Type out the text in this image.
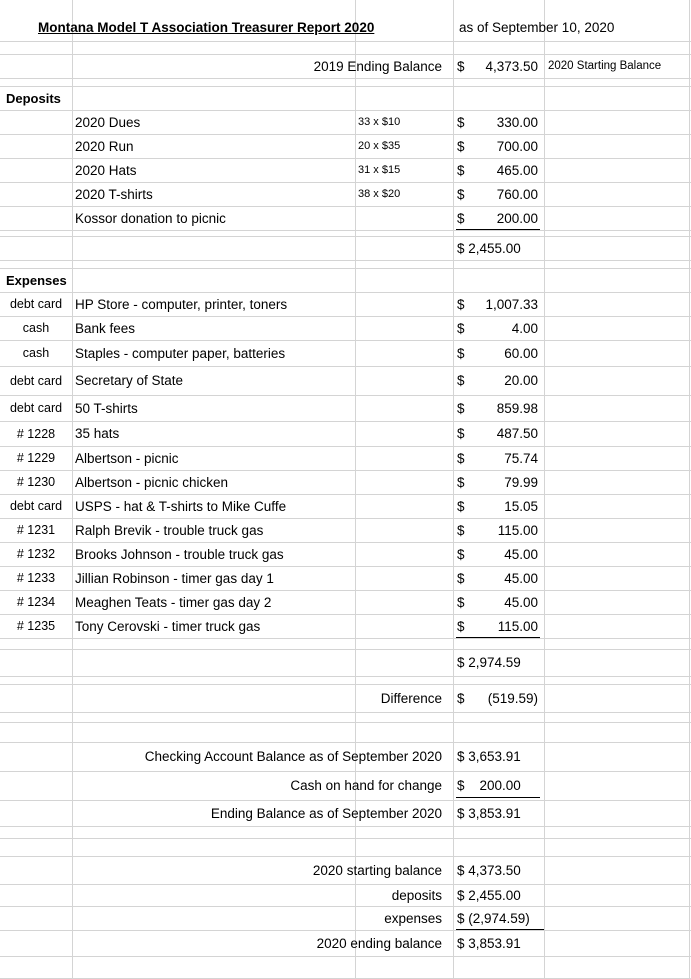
Montana Model T Association Treasurer Report 2020	as of September 10, 2020
2019 Ending Balance $	4,373.50 2020 Starting Balance
Deposits
2020 Dues	33 x $10	$	330.00
2020 Run	20 x $35	$	700.00
2020 Hats	31 x $15	$	465.00
2020 T-shirts	38 x $20	$	760.00
Kossor donation to picnic	$	200.00
$ 2,455.00
Expenses
debt card HP Store - computer, printer, toners	$	1,007.33
cash	Bank fees	$	4.00
cash	Staples - computer paper, batteries	$	60.00
debt card Secretary of State	$	20.00
debt card 50 T-shirts	$	859.98
# 1228	35 hats	$	487.50
# 1229	Albertson - picnic	$	75.74
# 1230	Albertson - picnic chicken	$	79.99
debt card USPS - hat & T-shirts to Mike Cuffe	$	15.05
# 1231	Ralph Brevik - trouble truck gas	$	115.00
# 1232	Brooks Johnson - trouble truck gas	$	45.00
# 1233	Jillian Robinson - timer gas day 1	$	45.00
# 1234	Meaghen Teats - timer gas day 2	$	45.00
# 1235	Tony Cerovski - timer truck gas	$	115.00
$ 2,974.59
Difference $	(519.59)
Checking Account Balance as of September 2020 $ 3,653.91
Cash on hand for change $    200.00
Ending Balance as of September 2020 $ 3,853.91
2020 starting balance $ 4,373.50
deposits $ 2,455.00
expenses $ (2,974.59)
2020 ending balance $ 3,853.91
